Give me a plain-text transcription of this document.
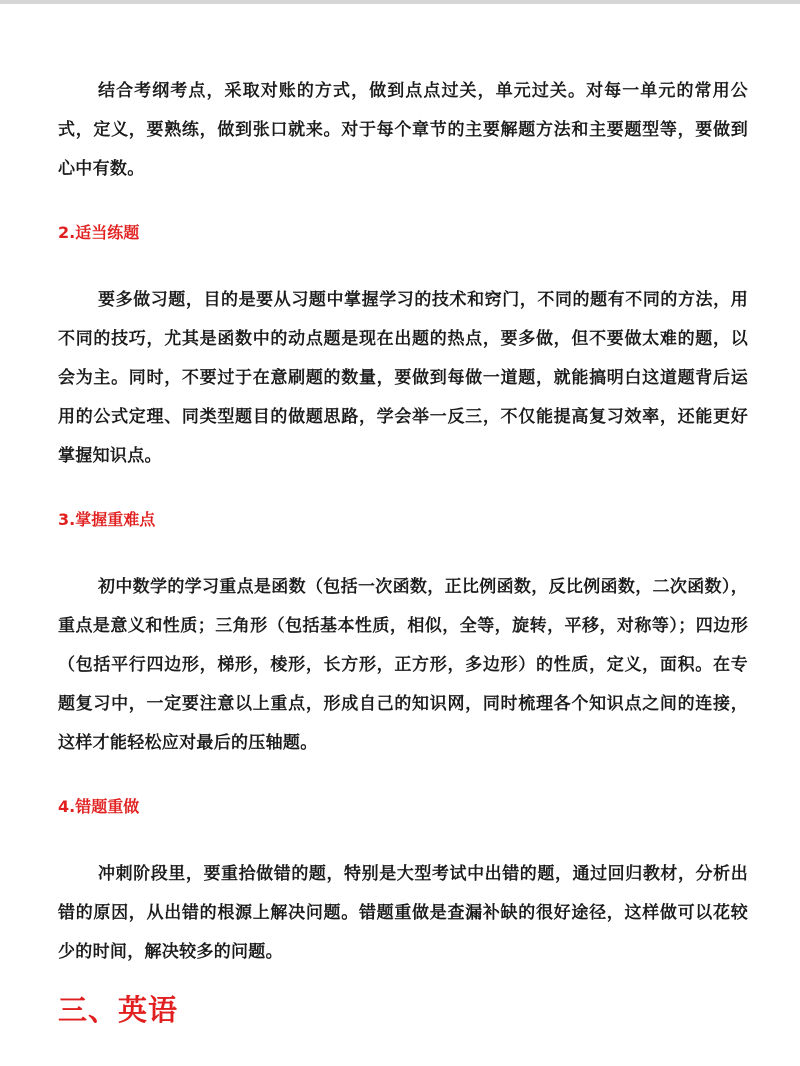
结合考纲考点，采取对账的方式，做到点点过关，单元过关。对每一单元的常用公式，定义，要熟练，做到张口就来。对于每个章节的主要解题方法和主要题型等，要做到心中有数。

2.适当练题

要多做习题，目的是要从习题中掌握学习的技术和窍门，不同的题有不同的方法，用不同的技巧，尤其是函数中的动点题是现在出题的热点，要多做，但不要做太难的题，以会为主。同时，不要过于在意刷题的数量，要做到每做一道题，就能搞明白这道题背后运用的公式定理、同类型题目的做题思路，学会举一反三，不仅能提高复习效率，还能更好掌握知识点。

3.掌握重难点

初中数学的学习重点是函数（包括一次函数，正比例函数，反比例函数，二次函数），重点是意义和性质；三角形（包括基本性质，相似，全等，旋转，平移，对称等）；四边形（包括平行四边形，梯形，棱形，长方形，正方形，多边形）的性质，定义，面积。在专题复习中，一定要注意以上重点，形成自己的知识网，同时梳理各个知识点之间的连接，这样才能轻松应对最后的压轴题。

4.错题重做

冲刺阶段里，要重拾做错的题，特别是大型考试中出错的题，通过回归教材，分析出错的原因，从出错的根源上解决问题。错题重做是查漏补缺的很好途径，这样做可以花较少的时间，解决较多的问题。

三、英语
